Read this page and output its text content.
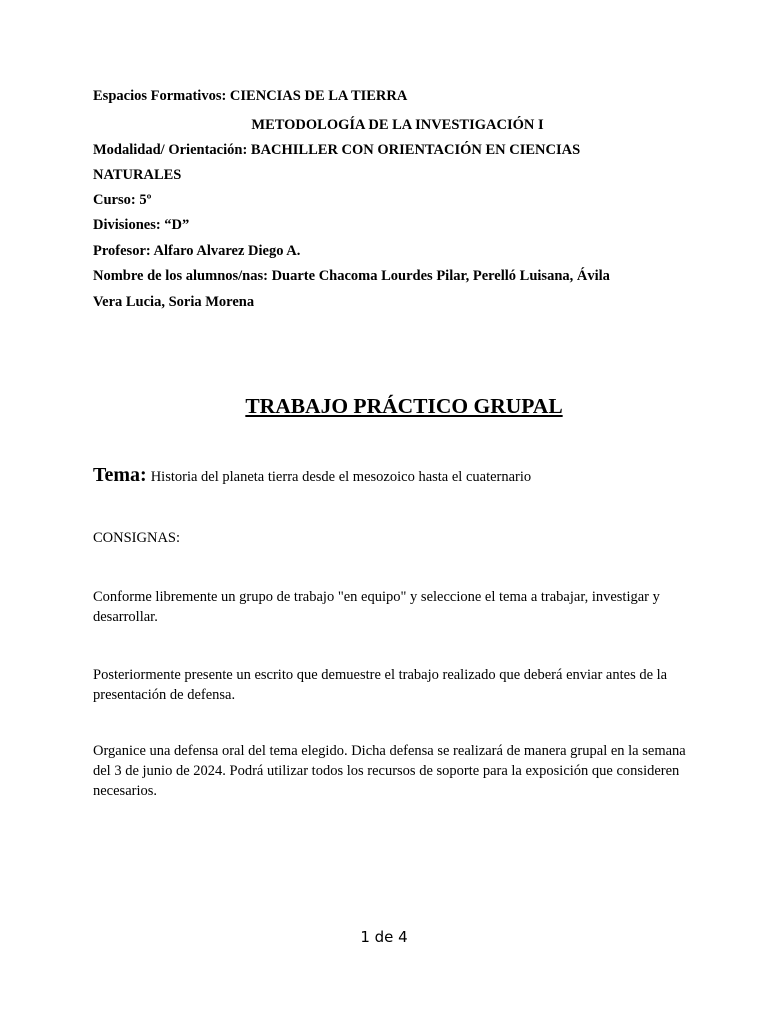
Espacios Formativos: CIENCIAS DE LA TIERRA
METODOLOGÍA DE LA INVESTIGACIÓN I
Modalidad/ Orientación: BACHILLER CON ORIENTACIÓN EN CIENCIAS
NATURALES
Curso: 5º
Divisiones: “D”
Profesor: Alfaro Alvarez Diego A.
Nombre de los alumnos/nas: Duarte Chacoma Lourdes Pilar, Perelló Luisana, Ávila
Vera Lucia, Soria Morena
TRABAJO PRÁCTICO GRUPAL
Tema: Historia del planeta tierra desde el mesozoico hasta el cuaternario
CONSIGNAS:
Conforme libremente un grupo de trabajo "en equipo" y seleccione el tema a trabajar, investigar y desarrollar.
Posteriormente presente un escrito que demuestre el trabajo realizado que deberá enviar antes de la presentación de defensa.
Organice una defensa oral del tema elegido. Dicha defensa se realizará de manera grupal en la semana del 3 de junio de 2024. Podrá utilizar todos los recursos de soporte para la exposición que consideren necesarios.
1 de 4
